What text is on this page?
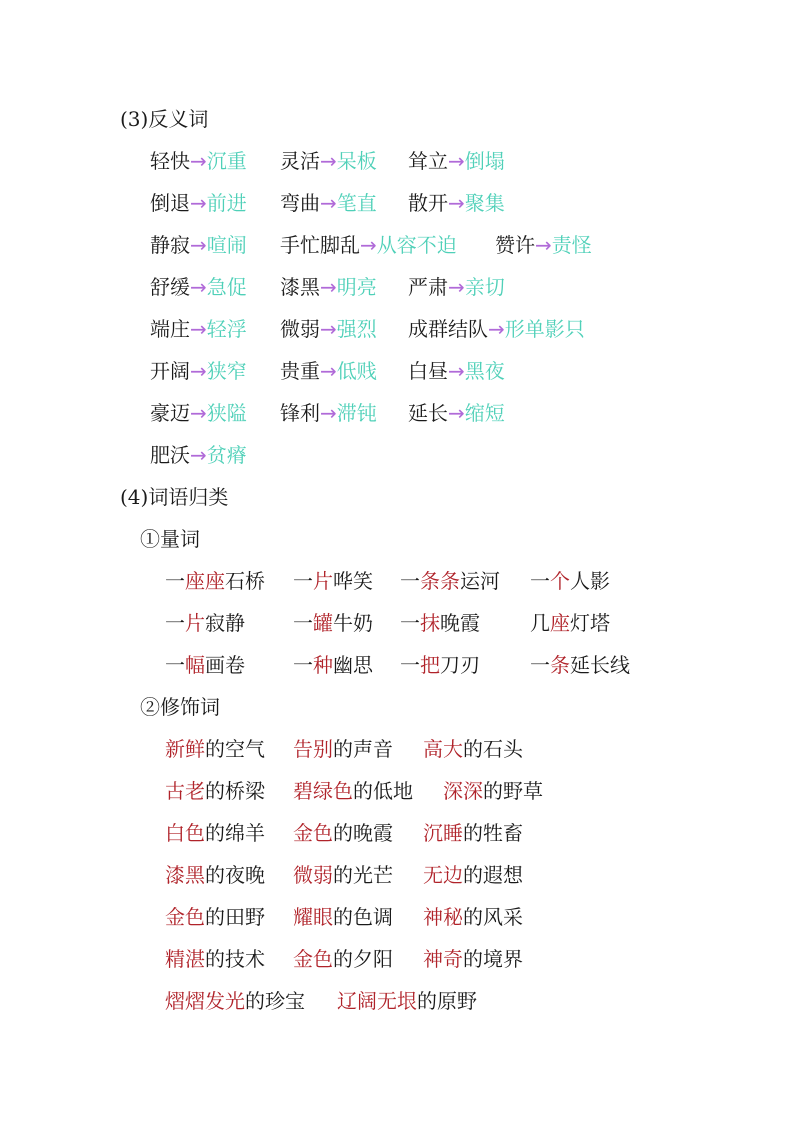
(3)反义词
轻快→沉重 灵活→呆板 耸立→倒塌
倒退→前进 弯曲→笔直 散开→聚集
静寂→喧闹 手忙脚乱→从容不迫 赞许→责怪
舒缓→急促 漆黑→明亮 严肃→亲切
端庄→轻浮 微弱→强烈 成群结队→形单影只
开阔→狭窄 贵重→低贱 白昼→黑夜
豪迈→狭隘 锋利→滞钝 延长→缩短
肥沃→贫瘠
(4)词语归类
①量词
一座座石桥 一片哗笑 一条条运河 一个人影
一片寂静 一罐牛奶 一抹晚霞	几座灯塔
一幅画卷 一种幽思 一把刀刃	一条延长线
②修饰词
新鲜的空气 告别的声音 高大的石头
古老的桥梁 碧绿色的低地 深深的野草
白色的绵羊 金色的晚霞 沉睡的牲畜
漆黑的夜晚 微弱的光芒 无边的遐想
金色的田野 耀眼的色调 神秘的风采
精湛的技术 金色的夕阳 神奇的境界
熠熠发光的珍宝 辽阔无垠的原野
